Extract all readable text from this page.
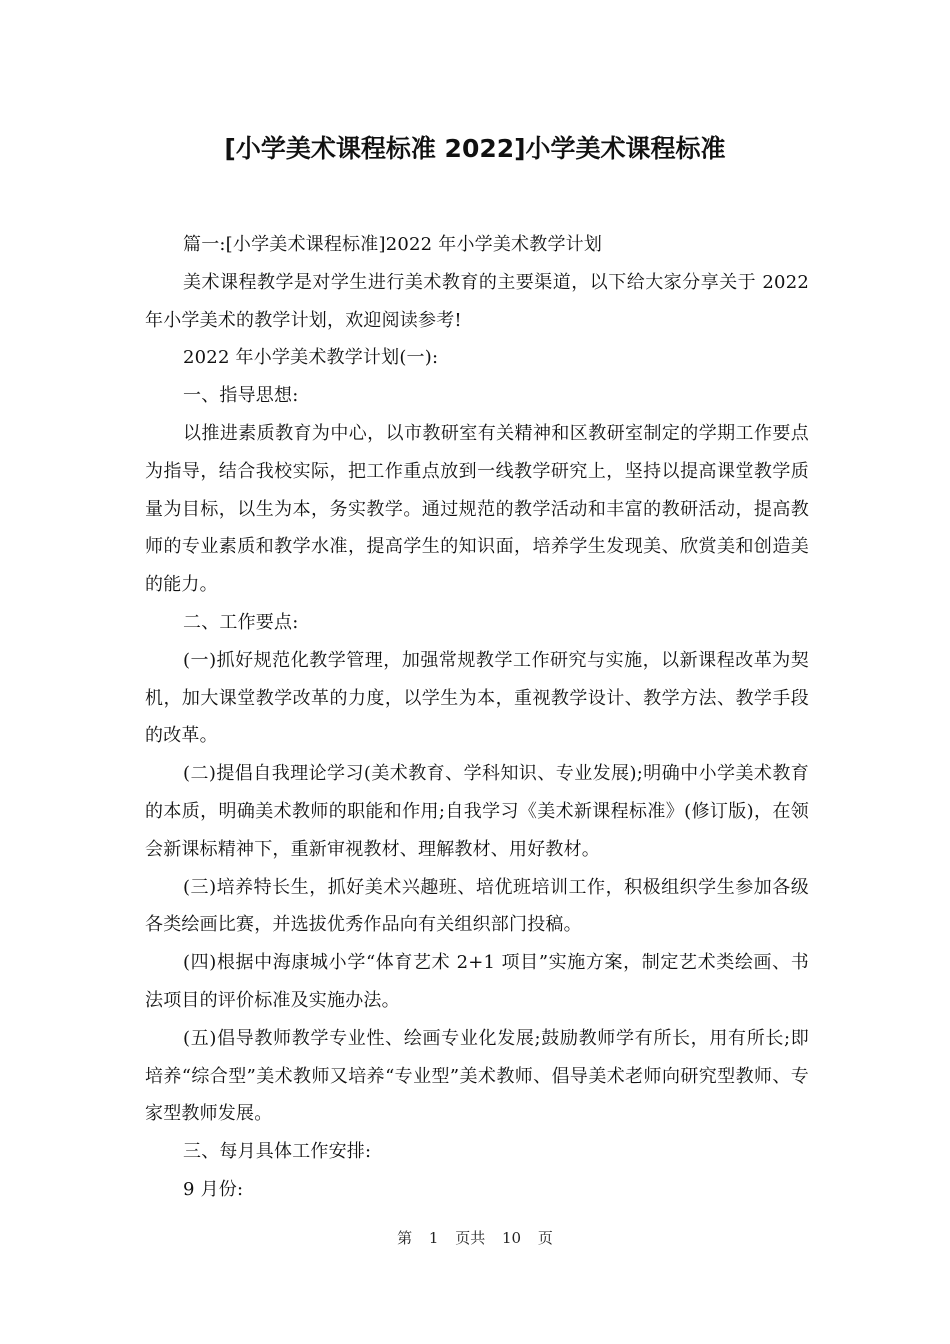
[小学美术课程标准 2022]小学美术课程标准

篇一:[小学美术课程标准]2022 年小学美术教学计划

美术课程教学是对学生进行美术教育的主要渠道，以下给大家分享关于 2022 年小学美术的教学计划，欢迎阅读参考!

2022 年小学美术教学计划(一):

一、指导思想:

以推进素质教育为中心，以市教研室有关精神和区教研室制定的学期工作要点为指导，结合我校实际，把工作重点放到一线教学研究上，坚持以提高课堂教学质量为目标，以生为本，务实教学。通过规范的教学活动和丰富的教研活动，提高教师的专业素质和教学水准，提高学生的知识面，培养学生发现美、欣赏美和创造美的能力。

二、工作要点:

(一)抓好规范化教学管理，加强常规教学工作研究与实施，以新课程改革为契机，加大课堂教学改革的力度，以学生为本，重视教学设计、教学方法、教学手段的改革。

(二)提倡自我理论学习(美术教育、学科知识、专业发展);明确中小学美术教育的本质，明确美术教师的职能和作用;自我学习《美术新课程标准》(修订版)，在领会新课标精神下，重新审视教材、理解教材、用好教材。

(三)培养特长生，抓好美术兴趣班、培优班培训工作，积极组织学生参加各级各类绘画比赛，并选拔优秀作品向有关组织部门投稿。

(四)根据中海康城小学“体育艺术 2+1 项目”实施方案，制定艺术类绘画、书法项目的评价标准及实施办法。

(五)倡导教师教学专业性、绘画专业化发展;鼓励教师学有所长，用有所长;即培养“综合型”美术教师又培养“专业型”美术教师、倡导美术老师向研究型教师、专家型教师发展。

三、每月具体工作安排:

9 月份:

第 1 页共 10 页
